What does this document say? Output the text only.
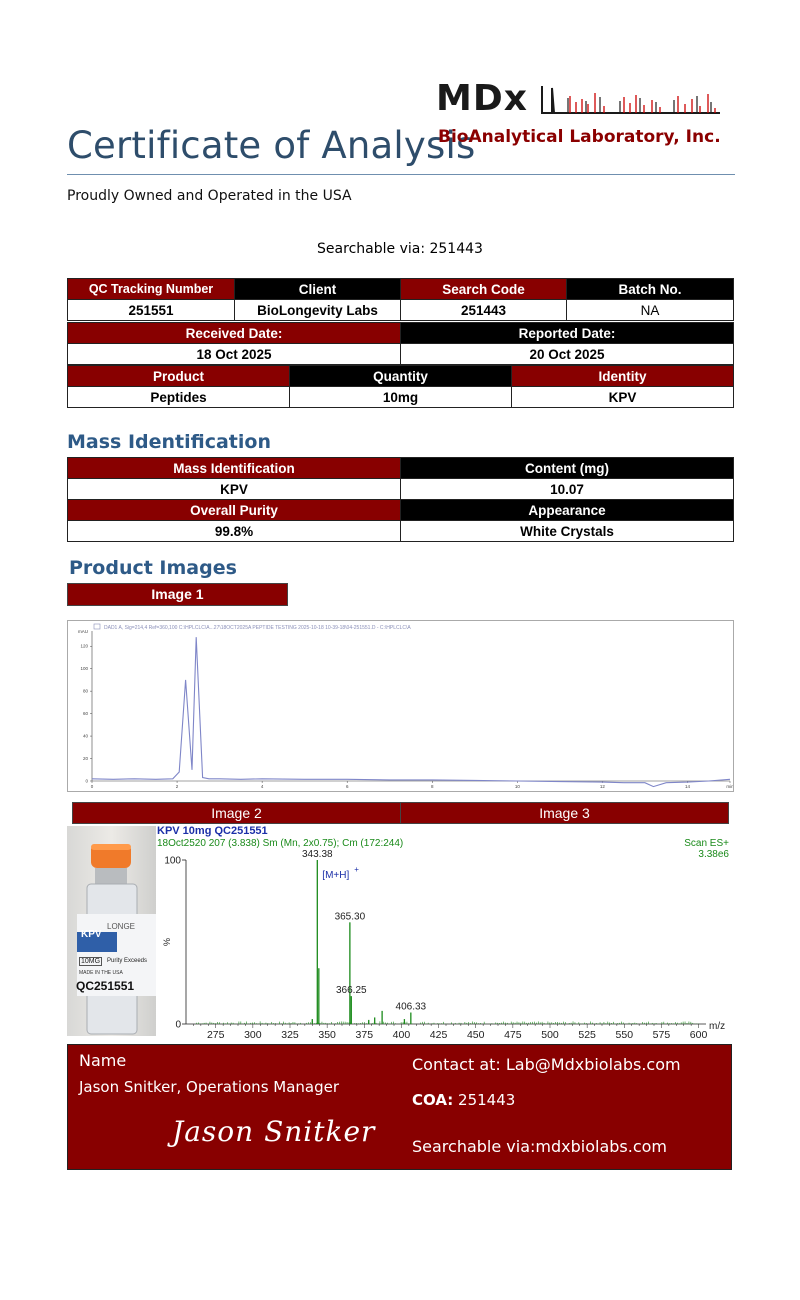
Certificate of Analysis
MDx
BioAnalytical Laboratory, Inc.
Proudly Owned and Operated in the USA
Searchable via: 251443
QC Tracking Number	Client	Search Code	Batch No.
251551	BioLongevity Labs	251443	NA
Received Date:	Reported Date:
18 Oct 2025	20 Oct 2025
Product	Quantity	Identity
Peptides	10mg	KPV
Mass Identification
Mass Identification	Content (mg)
KPV	10.07
Overall Purity	Appearance
99.8%	White Crystals
Product Images
Image 1
DAD1 A, Sig=214,4 Ref=360,100 C:\HPLCLC\A...27\18OCT2025A PEPTIDE TESTING 2025-10-18 10-39-18\04-251551.D - C:\HPLCLC\A
mAU
0
20
40
60
80
100
120
0	2	4	6	8	10	12	14	min
Image 2	Image 3
KPV
LONGE
10MG	Purity Exceeds
MADE IN THE USA
QC251551
KPV 10mg QC251551
18Oct2520 207 (3.838) Sm (Mn, 2x0.75); Cm (172:244)	Scan ES+
3.38e6
0
100
%
275 300 325 350 375 400 425 450 475 500 525 550 575 600
m/z
343.38
365.30
366.25
406.33
[M+H]
+
Name
Jason Snitker, Operations Manager
Jason Snitker
Contact at: Lab@Mdxbiolabs.com
COA: 251443
Searchable via:mdxbiolabs.com
